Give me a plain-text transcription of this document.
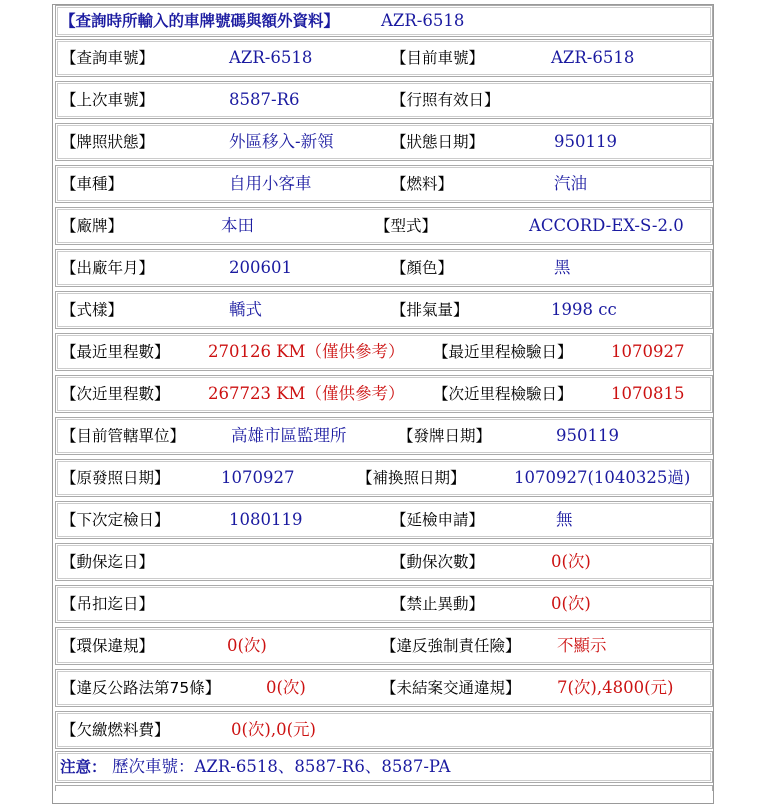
【查詢時所輸入的車牌號碼與額外資料】	AZR-6518
【查詢車號】	AZR-6518	【目前車號】	AZR-6518
【上次車號】	8587-R6	【行照有效日】
【牌照狀態】	外區移入-新領	【狀態日期】	950119
【車種】	自用小客車	【燃料】	汽油
【廠牌】	本田	【型式】	ACCORD-EX-S-2.0
【出廠年月】	200601	【顏色】	黑
【式樣】	轎式	【排氣量】	1998 cc
【最近里程數】 270126 KM（僅供參考） 【最近里程檢驗日】 1070927
【次近里程數】 267723 KM（僅供參考） 【次近里程檢驗日】 1070815
【目前管轄單位】	高雄市區監理所	【發牌日期】	950119
【原發照日期】	1070927	【補換照日期】	1070927(1040325過)
【下次定檢日】	1080119	【延檢申請】	無
【動保迄日】	【動保次數】	0(次)
【吊扣迄日】	【禁止異動】	0(次)
【環保違規】	0(次)	【違反強制責任險】 不顯示
【違反公路法第75條】	0(次)	【未結案交通違規】 7(次),4800(元)
【欠繳燃料費】	0(次),0(元)
注意： 歷次車號：AZR-6518、8587-R6、8587-PA
